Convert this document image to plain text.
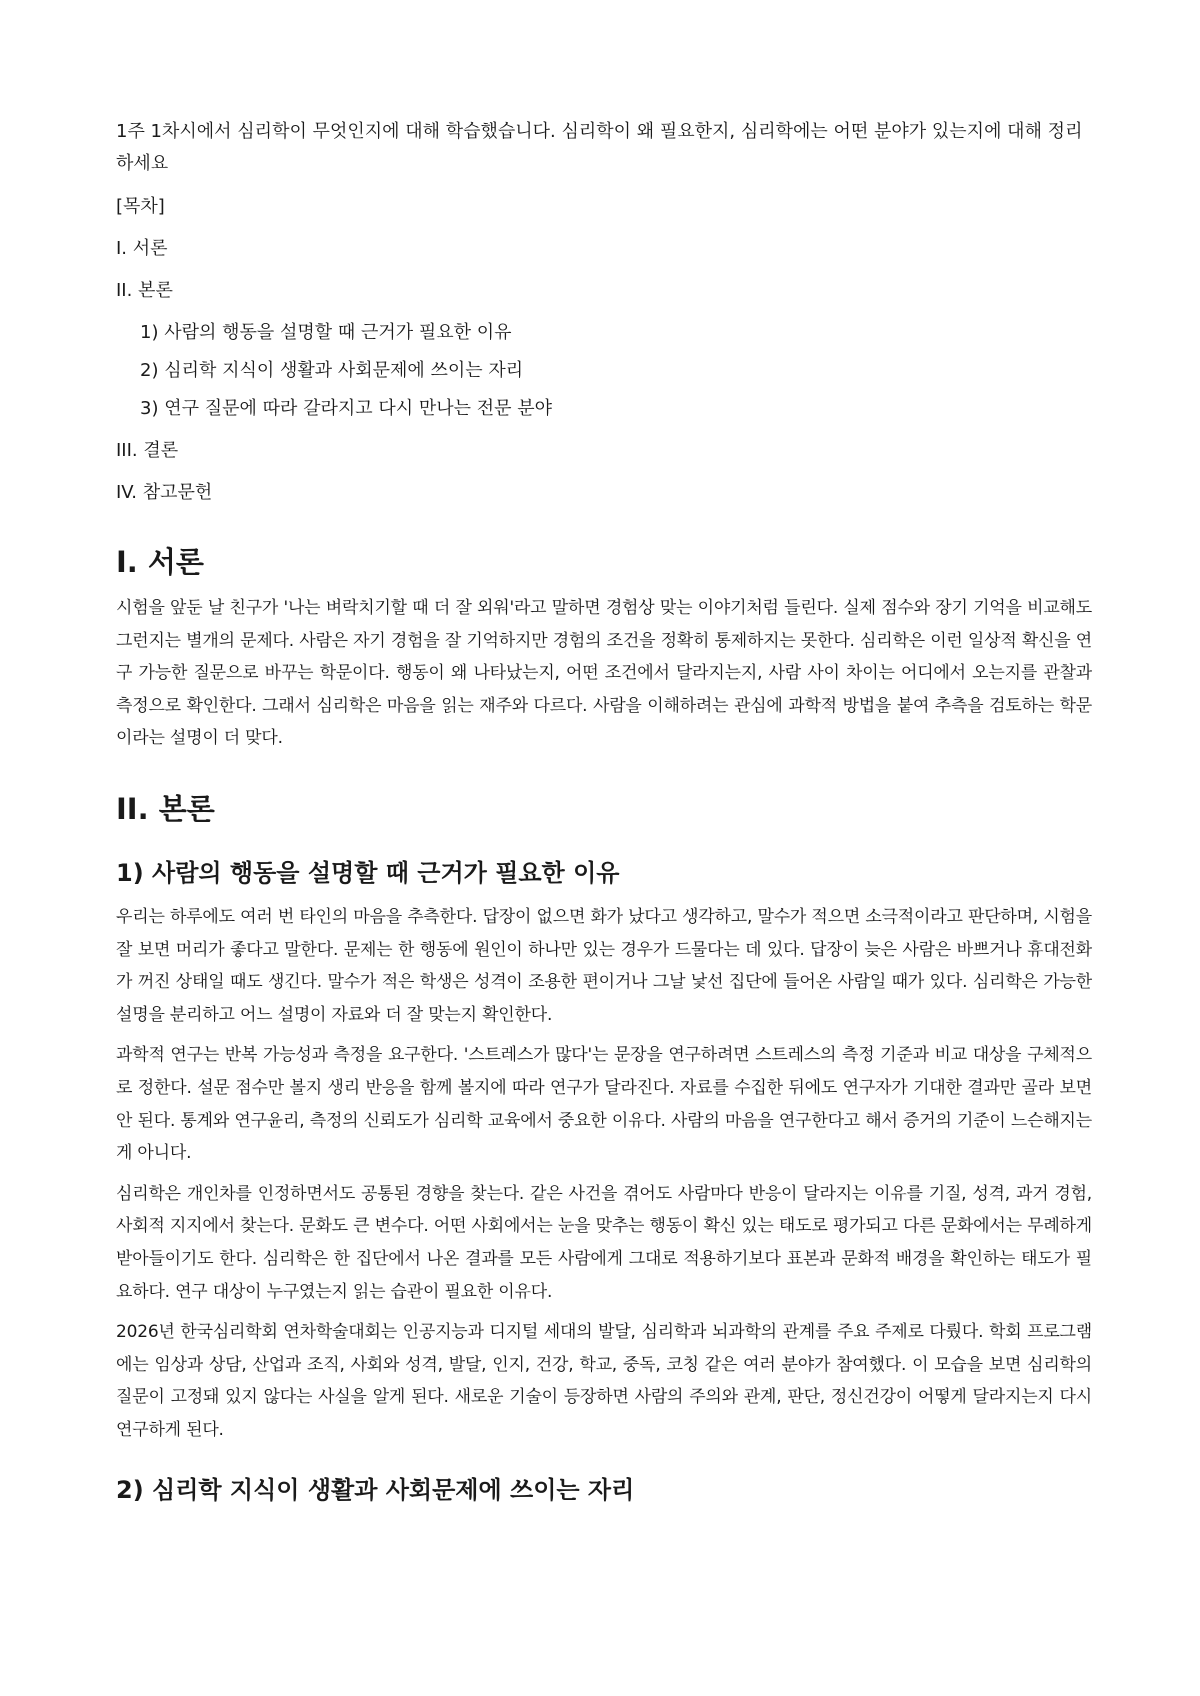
1주 1차시에서 심리학이 무엇인지에 대해 학습했습니다. 심리학이 왜 필요한지, 심리학에는 어떤 분야가 있는지에 대해 정리하세요

[목차]

I. 서론

II. 본론

1) 사람의 행동을 설명할 때 근거가 필요한 이유

2) 심리학 지식이 생활과 사회문제에 쓰이는 자리

3) 연구 질문에 따라 갈라지고 다시 만나는 전문 분야

III. 결론

IV. 참고문헌

I. 서론

시험을 앞둔 날 친구가 '나는 벼락치기할 때 더 잘 외워'라고 말하면 경험상 맞는 이야기처럼 들린다. 실제 점수와 장기 기억을 비교해도 그런지는 별개의 문제다. 사람은 자기 경험을 잘 기억하지만 경험의 조건을 정확히 통제하지는 못한다. 심리학은 이런 일상적 확신을 연구 가능한 질문으로 바꾸는 학문이다. 행동이 왜 나타났는지, 어떤 조건에서 달라지는지, 사람 사이 차이는 어디에서 오는지를 관찰과 측정으로 확인한다. 그래서 심리학은 마음을 읽는 재주와 다르다. 사람을 이해하려는 관심에 과학적 방법을 붙여 추측을 검토하는 학문이라는 설명이 더 맞다.

II. 본론
1) 사람의 행동을 설명할 때 근거가 필요한 이유

우리는 하루에도 여러 번 타인의 마음을 추측한다. 답장이 없으면 화가 났다고 생각하고, 말수가 적으면 소극적이라고 판단하며, 시험을 잘 보면 머리가 좋다고 말한다. 문제는 한 행동에 원인이 하나만 있는 경우가 드물다는 데 있다. 답장이 늦은 사람은 바쁘거나 휴대전화가 꺼진 상태일 때도 생긴다. 말수가 적은 학생은 성격이 조용한 편이거나 그날 낯선 집단에 들어온 사람일 때가 있다. 심리학은 가능한 설명을 분리하고 어느 설명이 자료와 더 잘 맞는지 확인한다.

과학적 연구는 반복 가능성과 측정을 요구한다. '스트레스가 많다'는 문장을 연구하려면 스트레스의 측정 기준과 비교 대상을 구체적으로 정한다. 설문 점수만 볼지 생리 반응을 함께 볼지에 따라 연구가 달라진다. 자료를 수집한 뒤에도 연구자가 기대한 결과만 골라 보면 안 된다. 통계와 연구윤리, 측정의 신뢰도가 심리학 교육에서 중요한 이유다. 사람의 마음을 연구한다고 해서 증거의 기준이 느슨해지는 게 아니다.

심리학은 개인차를 인정하면서도 공통된 경향을 찾는다. 같은 사건을 겪어도 사람마다 반응이 달라지는 이유를 기질, 성격, 과거 경험, 사회적 지지에서 찾는다. 문화도 큰 변수다. 어떤 사회에서는 눈을 맞추는 행동이 확신 있는 태도로 평가되고 다른 문화에서는 무례하게 받아들이기도 한다. 심리학은 한 집단에서 나온 결과를 모든 사람에게 그대로 적용하기보다 표본과 문화적 배경을 확인하는 태도가 필요하다. 연구 대상이 누구였는지 읽는 습관이 필요한 이유다.

2026년 한국심리학회 연차학술대회는 인공지능과 디지털 세대의 발달, 심리학과 뇌과학의 관계를 주요 주제로 다뤘다. 학회 프로그램에는 임상과 상담, 산업과 조직, 사회와 성격, 발달, 인지, 건강, 학교, 중독, 코칭 같은 여러 분야가 참여했다. 이 모습을 보면 심리학의 질문이 고정돼 있지 않다는 사실을 알게 된다. 새로운 기술이 등장하면 사람의 주의와 관계, 판단, 정신건강이 어떻게 달라지는지 다시 연구하게 된다.

2) 심리학 지식이 생활과 사회문제에 쓰이는 자리
